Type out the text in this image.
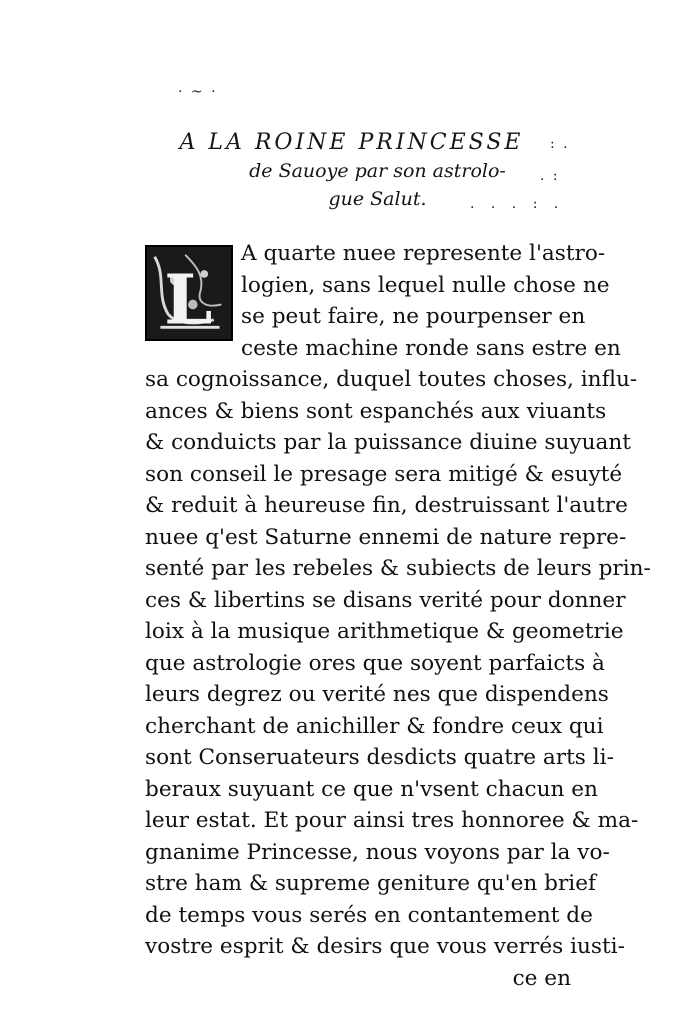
· ~ ·
: .
. :
. . . : .
A LA ROINE PRINCESSE
de Sauoye par son astrolo-
gue Salut.
L
A quarte nuee represente l'astro-
logien, sans lequel nulle chose ne
se peut faire, ne pourpenser en
ceste machine ronde sans estre en
sa cognoissance, duquel toutes choses, influ-
ances & biens sont espanchés aux viuants
& conduicts par la puissance diuine suyuant
son conseil le presage sera mitigé & esuyté
& reduit à heureuse fin, destruissant l'autre
nuee q'est Saturne ennemi de nature repre-
senté par les rebeles & subiects de leurs prin-
ces & libertins se disans verité pour donner
loix à la musique arithmetique & geometrie
que astrologie ores que soyent parfaicts à
leurs degrez ou verité nes que dispendens
cherchant de anichiller & fondre ceux qui
sont Conseruateurs desdicts quatre arts li-
beraux suyuant ce que n'vsent chacun en
leur estat. Et pour ainsi tres honnoree & ma-
gnanime Princesse, nous voyons par la vo-
stre ham & supreme geniture qu'en brief
de temps vous serés en contantement de
vostre esprit & desirs que vous verrés iusti-
ce en
